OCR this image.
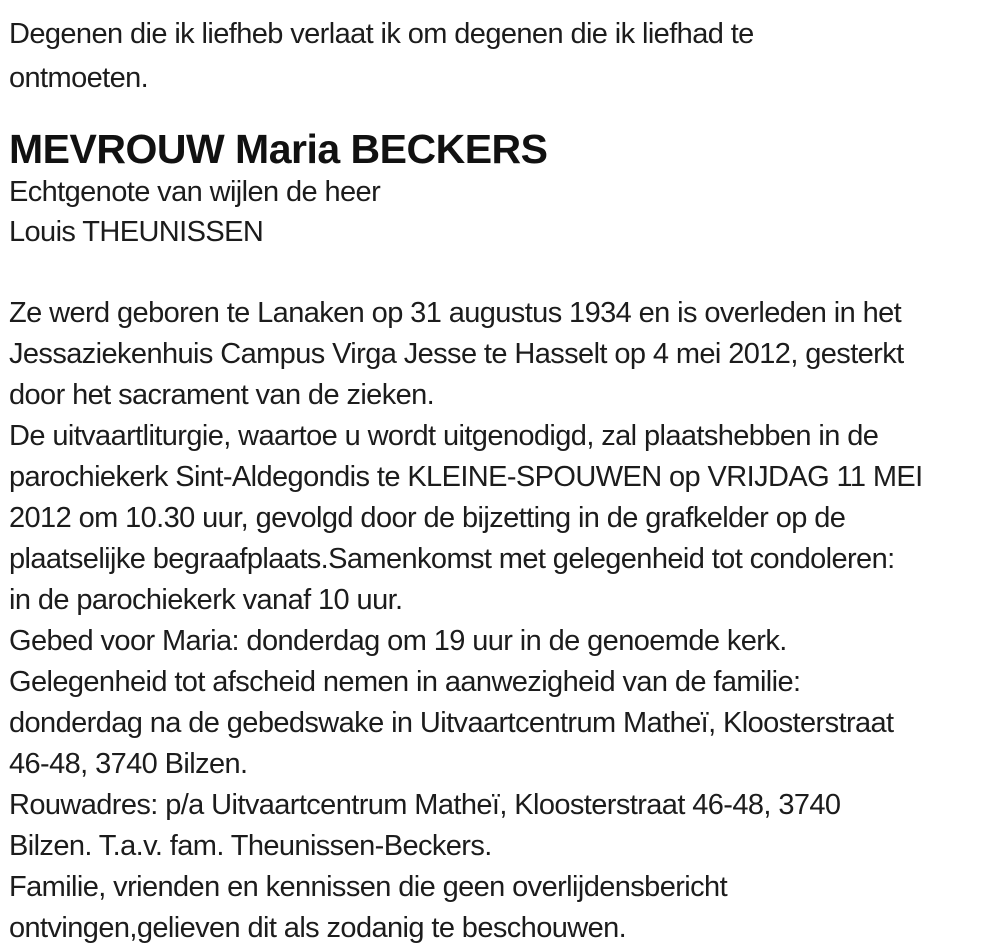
Degenen die ik liefheb verlaat ik om degenen die ik liefhad te
ontmoeten.
MEVROUW Maria BECKERS
Echtgenote van wijlen de heer
Louis THEUNISSEN
Ze werd geboren te Lanaken op 31 augustus 1934 en is overleden in het
Jessaziekenhuis Campus Virga Jesse te Hasselt op 4 mei 2012, gesterkt
door het sacrament van de zieken.
De uitvaartliturgie, waartoe u wordt uitgenodigd, zal plaatshebben in de
parochiekerk Sint-Aldegondis te KLEINE-SPOUWEN op VRIJDAG 11 MEI
2012 om 10.30 uur, gevolgd door de bijzetting in de grafkelder op de
plaatselijke begraafplaats.Samenkomst met gelegenheid tot condoleren:
in de parochiekerk vanaf 10 uur.
Gebed voor Maria: donderdag om 19 uur in de genoemde kerk.
Gelegenheid tot afscheid nemen in aanwezigheid van de familie:
donderdag na de gebedswake in Uitvaartcentrum Matheï, Kloosterstraat
46-48, 3740 Bilzen.
Rouwadres: p/a Uitvaartcentrum Matheï, Kloosterstraat 46-48, 3740
Bilzen. T.a.v. fam. Theunissen-Beckers.
Familie, vrienden en kennissen die geen overlijdensbericht
ontvingen,gelieven dit als zodanig te beschouwen.
